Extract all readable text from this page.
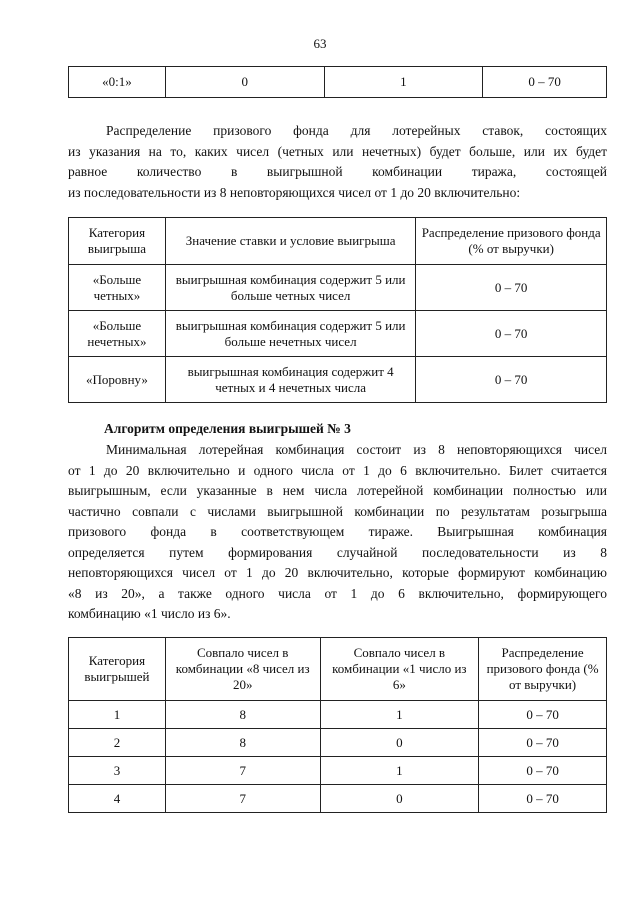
63
«0:1»	0	1	0 – 70
Распределение призового фонда для лотерейных ставок, состоящих
из указания на то, каких чисел (четных или нечетных) будет больше, или их будет
равное количество в выигрышной комбинации тиража, состоящей
из последовательности из 8 неповторяющихся чисел от 1 до 20 включительно:
Категория выигрыша	Значение ставки и условие выигрыша	Распределение призового фонда (% от выручки)
«Больше четных»	выигрышная комбинация содержит 5 или больше четных чисел	0 – 70
«Больше нечетных»	выигрышная комбинация содержит 5 или больше нечетных чисел	0 – 70
«Поровну»	выигрышная комбинация содержит 4 четных и 4 нечетных числа	0 – 70
Алгоритм определения выигрышей № 3
Минимальная лотерейная комбинация состоит из 8 неповторяющихся чисел
от 1 до 20 включительно и одного числа от 1 до 6 включительно. Билет считается
выигрышным, если указанные в нем числа лотерейной комбинации полностью или
частично совпали с числами выигрышной комбинации по результатам розыгрыша
призового фонда в соответствующем тираже. Выигрышная комбинация
определяется путем формирования случайной последовательности из 8
неповторяющихся чисел от 1 до 20 включительно, которые формируют комбинацию
«8 из 20», а также одного числа от 1 до 6 включительно, формирующего
комбинацию «1 число из 6».
Категория выигрышей	Совпало чисел в комбинации «8 чисел из 20»	Совпало чисел в комбинации «1 число из 6»	Распределение призового фонда (% от выручки)
1	8	1	0 – 70
2	8	0	0 – 70
3	7	1	0 – 70
4	7	0	0 – 70
